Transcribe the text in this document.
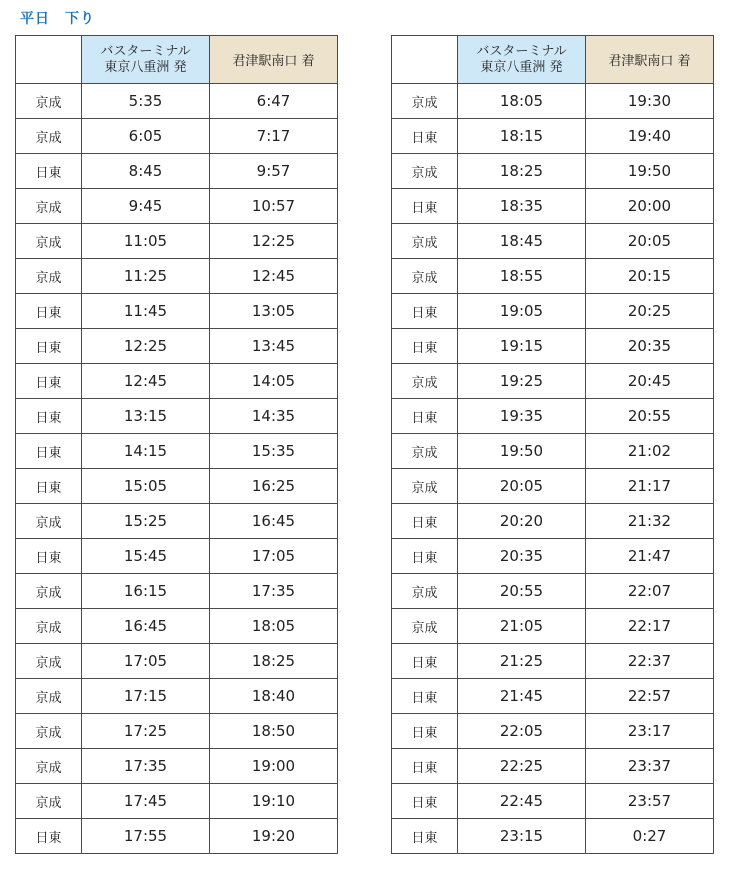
平日　下り

	バスターミナル
東京八重洲 発	君津駅南口 着
京成	5:35	6:47
京成	6:05	7:17
日東	8:45	9:57
京成	9:45	10:57
京成	11:05	12:25
京成	11:25	12:45
日東	11:45	13:05
日東	12:25	13:45
日東	12:45	14:05
日東	13:15	14:35
日東	14:15	15:35
日東	15:05	16:25
京成	15:25	16:45
日東	15:45	17:05
京成	16:15	17:35
京成	16:45	18:05
京成	17:05	18:25
京成	17:15	18:40
京成	17:25	18:50
京成	17:35	19:00
京成	17:45	19:10
日東	17:55	19:20

	バスターミナル
東京八重洲 発	君津駅南口 着
京成	18:05	19:30
日東	18:15	19:40
京成	18:25	19:50
日東	18:35	20:00
京成	18:45	20:05
京成	18:55	20:15
日東	19:05	20:25
日東	19:15	20:35
京成	19:25	20:45
日東	19:35	20:55
京成	19:50	21:02
京成	20:05	21:17
日東	20:20	21:32
日東	20:35	21:47
京成	20:55	22:07
京成	21:05	22:17
日東	21:25	22:37
日東	21:45	22:57
日東	22:05	23:17
日東	22:25	23:37
日東	22:45	23:57
日東	23:15	0:27
